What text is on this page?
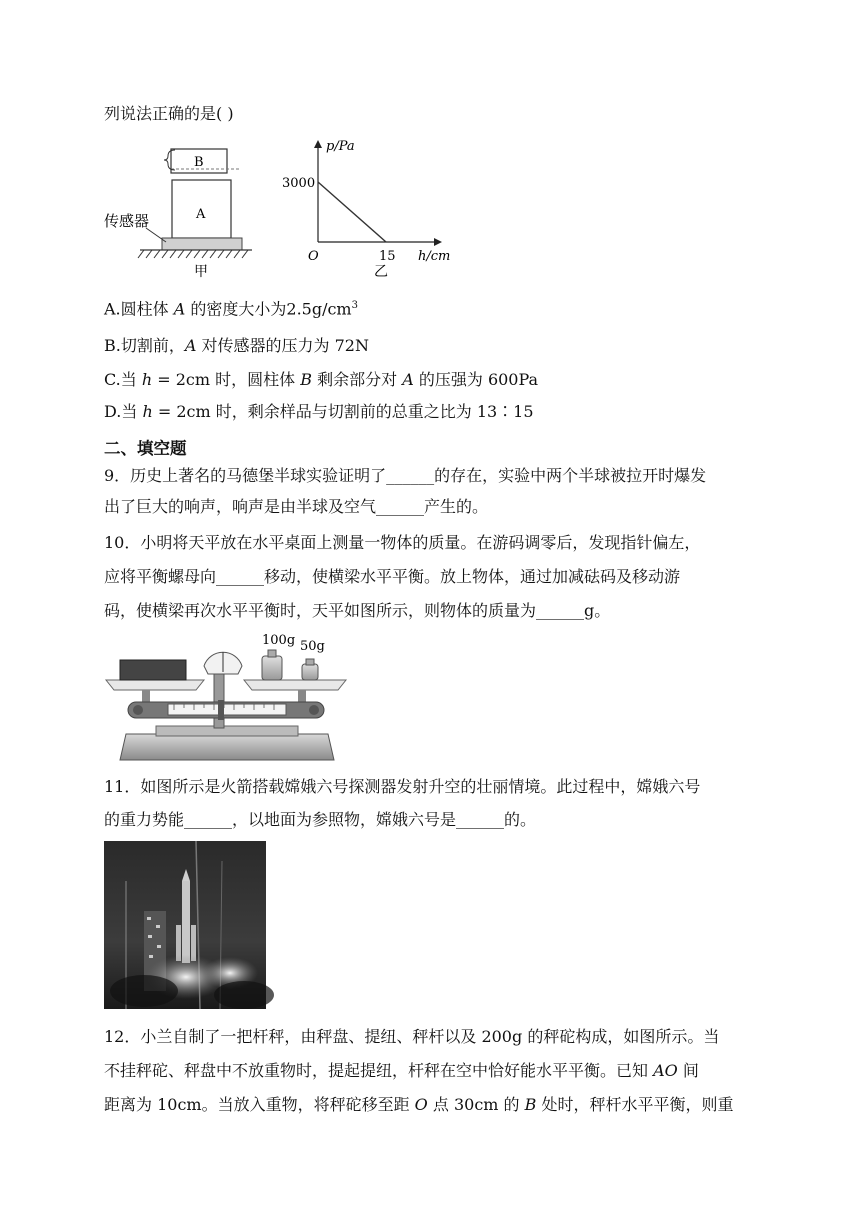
列说法正确的是( )
B
A
传感器
甲
p/Pa
3000
O	15 h/cm
乙
A.圆柱体 A 的密度大小为$2.5g/cm^3$
B.切割前，A 对传感器的压力为 72N
C.当 h = 2cm 时，圆柱体 B 剩余部分对 A 的压强为 600Pa
D.当 h = 2cm 时，剩余样品与切割前的总重之比为 13∶15
二、填空题
9．历史上著名的马德堡半球实验证明了______的存在，实验中两个半球被拉开时爆发
出了巨大的响声，响声是由半球及空气______产生的。
10．小明将天平放在水平桌面上测量一物体的质量。在游码调零后，发现指针偏左，
应将平衡螺母向______移动，使横梁水平平衡。放上物体，通过加减砝码及移动游
码，使横梁再次水平平衡时，天平如图所示，则物体的质量为______g。
100g 50g
11．如图所示是火箭搭载嫦娥六号探测器发射升空的壮丽情境。此过程中，嫦娥六号
的重力势能______，以地面为参照物，嫦娥六号是______的。
12．小兰自制了一把杆秤，由秤盘、提纽、秤杆以及 200g 的秤砣构成，如图所示。当
不挂秤砣、秤盘中不放重物时，提起提纽，杆秤在空中恰好能水平平衡。已知 AO 间
距离为 10cm。当放入重物，将秤砣移至距 O 点 30cm 的 B 处时，秤杆水平平衡，则重
